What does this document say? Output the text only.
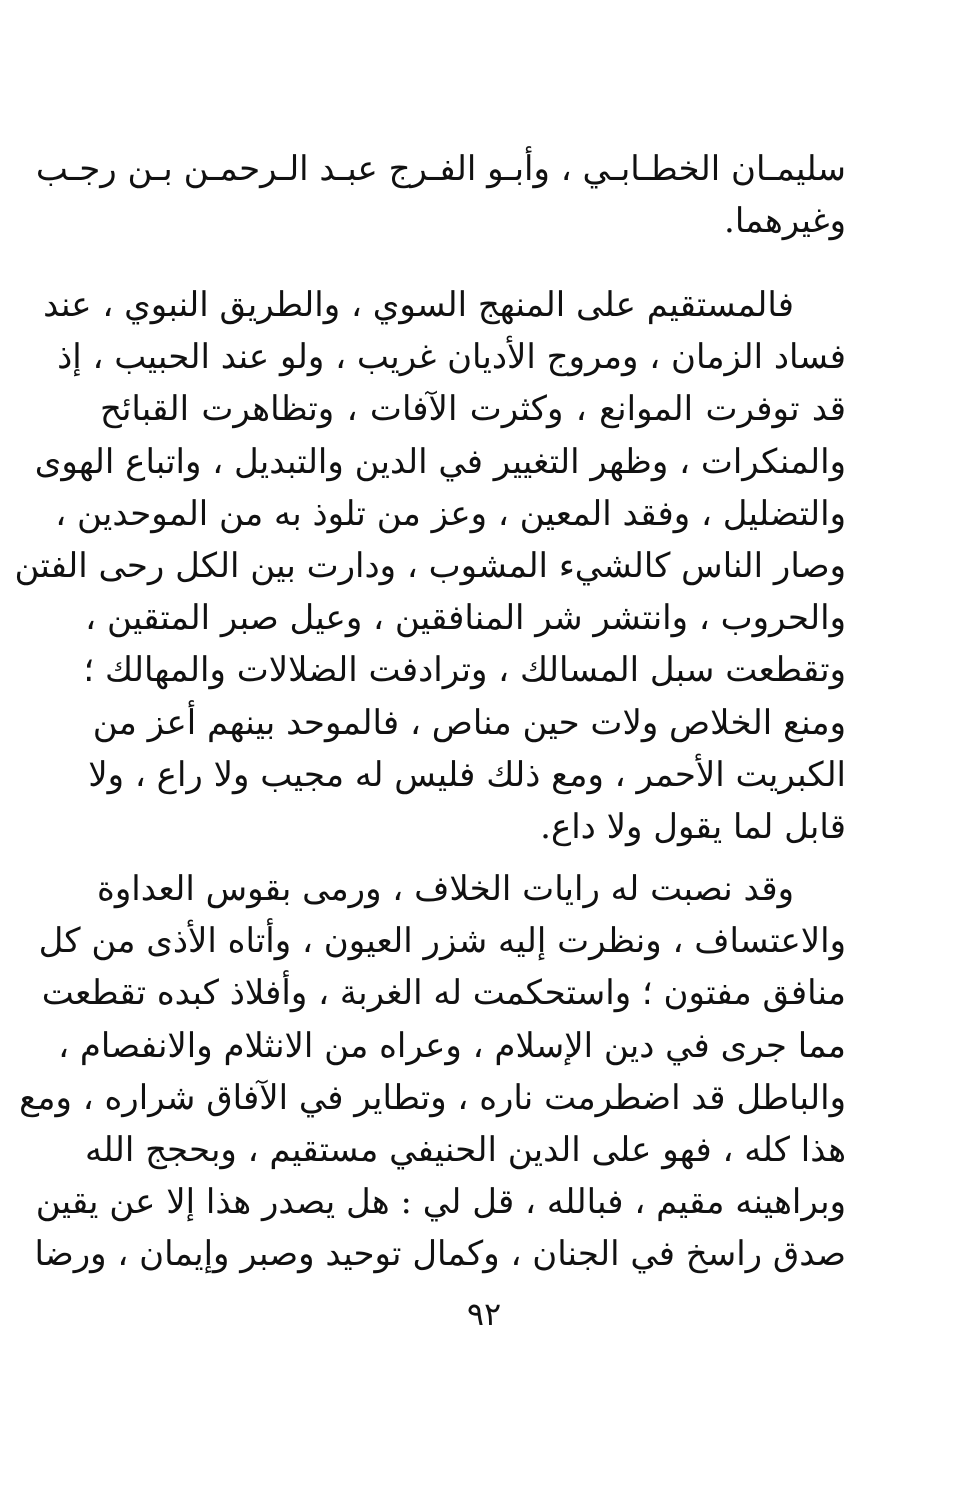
سليمـان الخطـابـي ، وأبـو الفـرج عبـد الـرحمـن بـن رجـب
وغيرهما.
فالمستقيم على المنهج السوي ، والطريق النبوي ، عند
فساد الزمان ، ومروج الأديان غريب ، ولو عند الحبيب ، إذ
قد توفرت الموانع ، وكثرت الآفات ، وتظاهرت القبائح
والمنكرات ، وظهر التغيير في الدين والتبديل ، واتباع الهوى
والتضليل ، وفقد المعين ، وعز من تلوذ به من الموحدين ،
وصار الناس كالشيء المشوب ، ودارت بين الكل رحى الفتن
والحروب ، وانتشر شر المنافقين ، وعيل صبر المتقين ،
وتقطعت سبل المسالك ، وترادفت الضلالات والمهالك ؛
ومنع الخلاص ولات حين مناص ، فالموحد بينهم أعز من
الكبريت الأحمر ، ومع ذلك فليس له مجيب ولا راع ، ولا
قابل لما يقول ولا داع.
وقد نصبت له رايات الخلاف ، ورمى بقوس العداوة
والاعتساف ، ونظرت إليه شزر العيون ، وأتاه الأذى من كل
منافق مفتون ؛ واستحكمت له الغربة ، وأفلاذ كبده تقطعت
مما جرى في دين الإسلام ، وعراه من الانثلام والانفصام ،
والباطل قد اضطرمت ناره ، وتطاير في الآفاق شراره ، ومع
هذا كله ، فهو على الدين الحنيفي مستقيم ، وبحجج الله
وبراهينه مقيم ، فبالله ، قل لي : هل يصدر هذا إلا عن يقين
صدق راسخ في الجنان ، وكمال توحيد وصبر وإيمان ، ورضا
٩٢
